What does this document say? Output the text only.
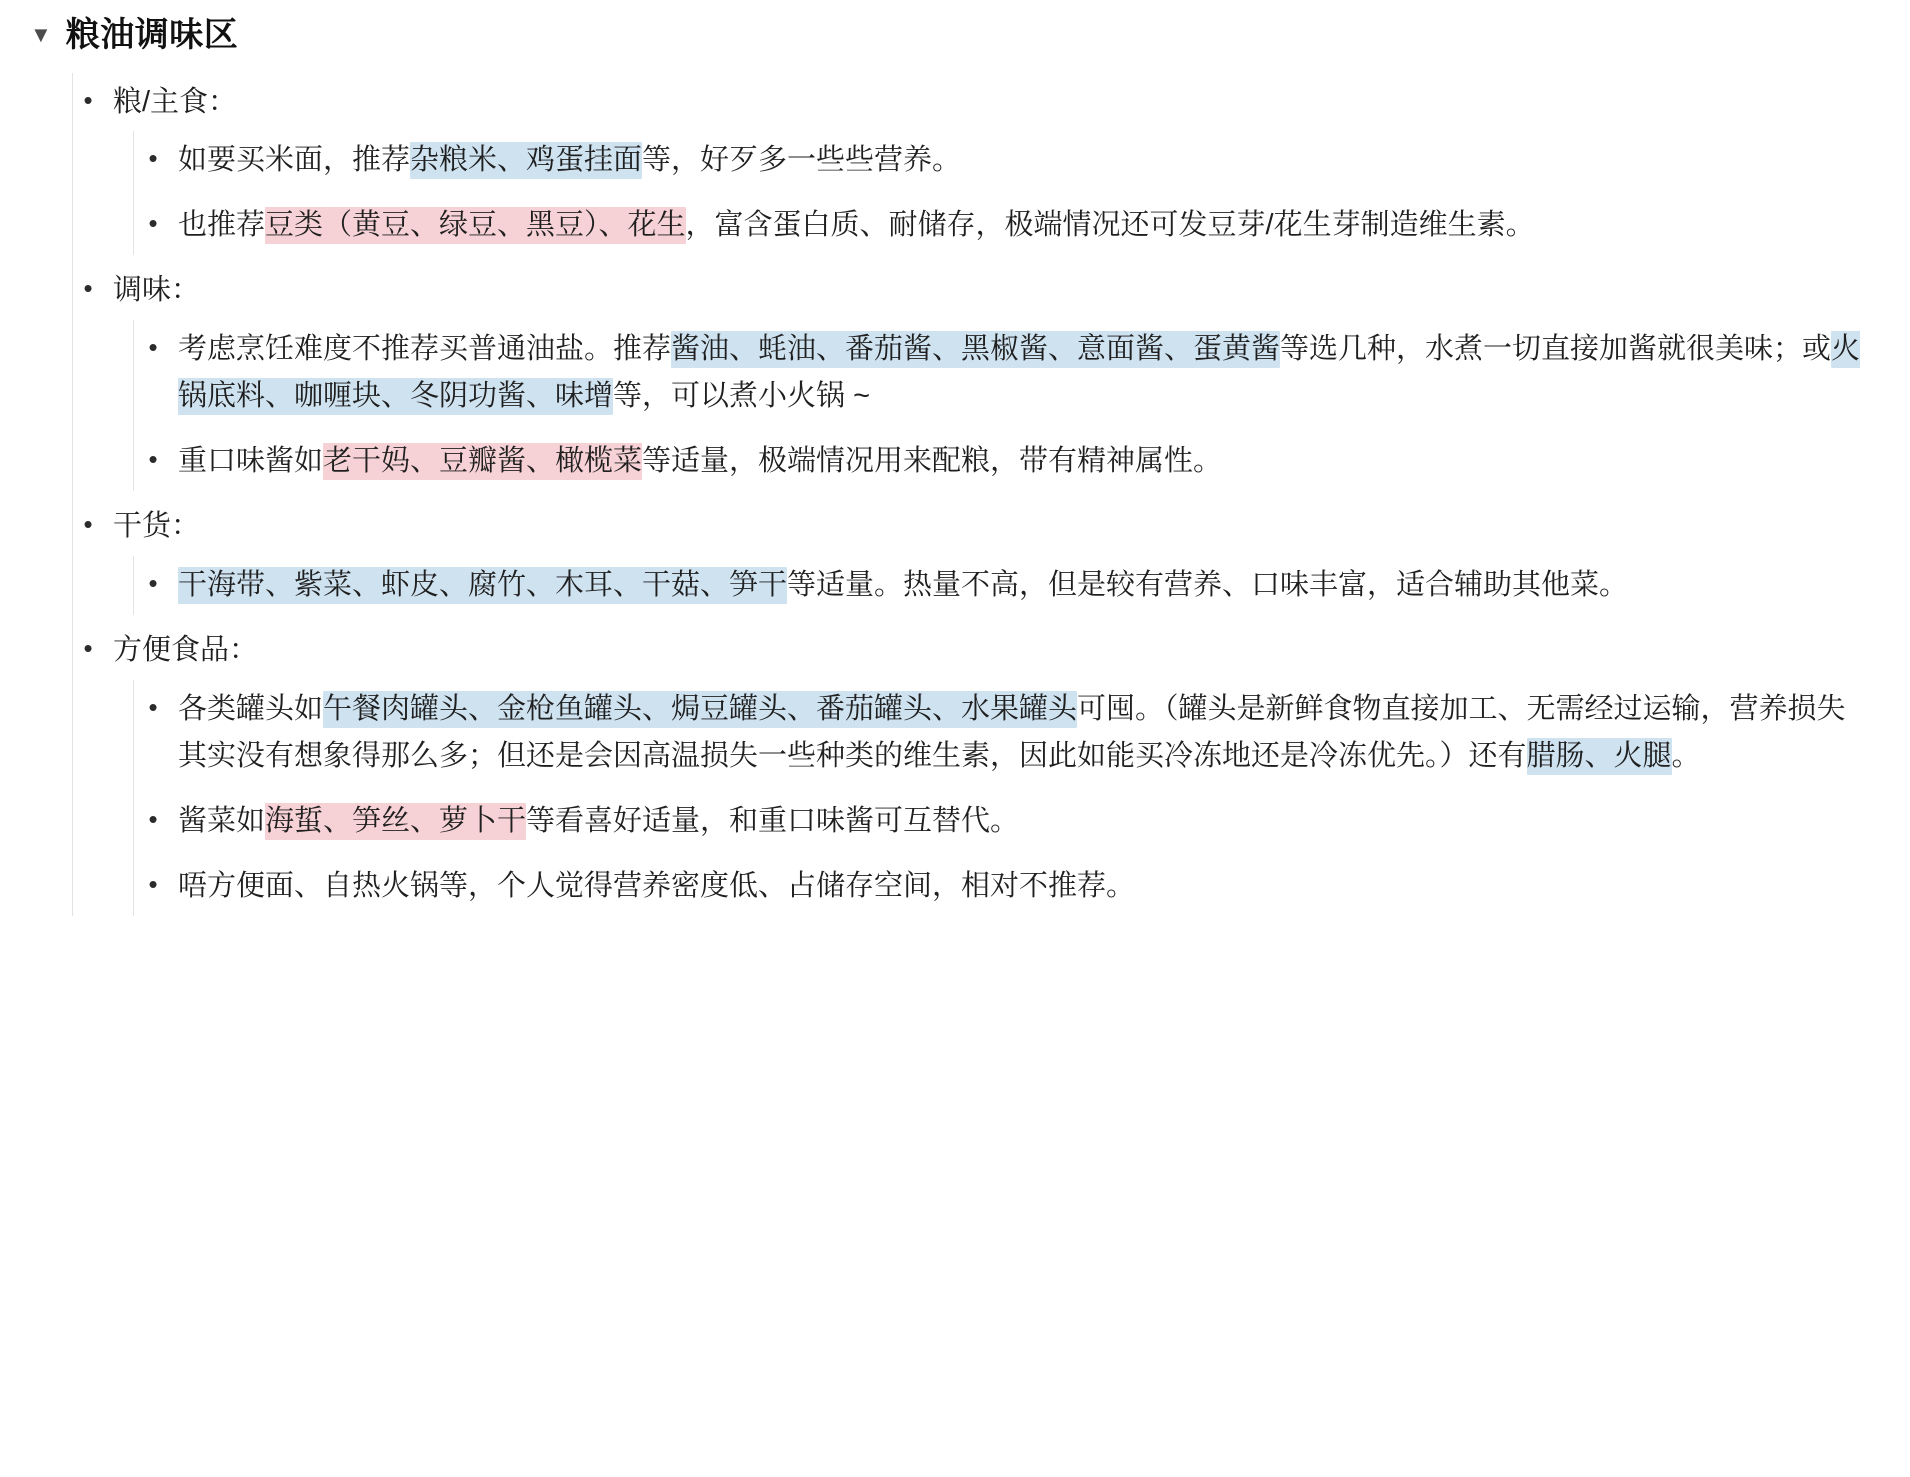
▼ 粮油调味区
• 粮/主食：
• 如要买米面，推荐杂粮米、鸡蛋挂面等，好歹多一些些营养。
• 也推荐豆类（黄豆、绿豆、黑豆）、花生，富含蛋白质、耐储存，极端情况还可发豆芽/花生芽制造维生素。
• 调味：
• 考虑烹饪难度不推荐买普通油盐。推荐酱油、蚝油、番茄酱、黑椒酱、意面酱、蛋黄酱等选几种，水煮一切直接加酱就很美味；或火锅底料、咖喱块、冬阴功酱、味增等，可以煮小火锅 ~
• 重口味酱如老干妈、豆瓣酱、橄榄菜等适量，极端情况用来配粮，带有精神属性。
• 干货：
• 干海带、紫菜、虾皮、腐竹、木耳、干菇、笋干等适量。热量不高，但是较有营养、口味丰富，适合辅助其他菜。
• 方便食品：
• 各类罐头如午餐肉罐头、金枪鱼罐头、焗豆罐头、番茄罐头、水果罐头可囤。（罐头是新鲜食物直接加工、无需经过运输，营养损失其实没有想象得那么多；但还是会因高温损失一些种类的维生素，因此如能买冷冻地还是冷冻优先。）还有腊肠、火腿。
• 酱菜如海蜇、笋丝、萝卜干等看喜好适量，和重口味酱可互替代。
• 唔方便面、自热火锅等，个人觉得营养密度低、占储存空间，相对不推荐。
